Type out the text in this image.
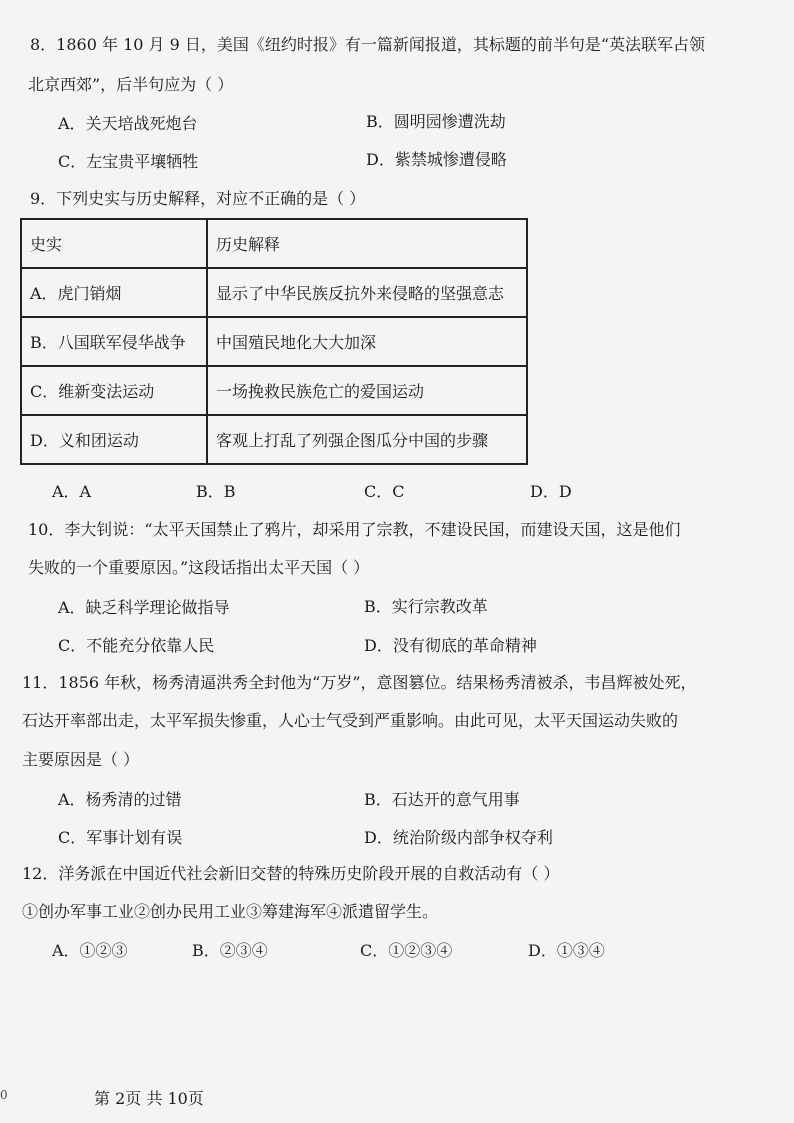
8．1860 年 10 月 9 日，美国《纽约时报》有一篇新闻报道，其标题的前半句是“英法联军占领
北京西郊”，后半句应为（ ）
A．关天培战死炮台	B．圆明园惨遭洗劫
C．左宝贵平壤牺牲	D．紫禁城惨遭侵略
9．下列史实与历史解释，对应不正确的是（ ）
史实	历史解释
A．虎门销烟	显示了中华民族反抗外来侵略的坚强意志
B．八国联军侵华战争	中国殖民地化大大加深
C．维新变法运动	一场挽救民族危亡的爱国运动
D．义和团运动	客观上打乱了列强企图瓜分中国的步骤
A．A	B．B	C．C	D．D
10．李大钊说：“太平天国禁止了鸦片，却采用了宗教，不建设民国，而建设天国，这是他们
失败的一个重要原因。”这段话指出太平天国（ ）
A．缺乏科学理论做指导	B．实行宗教改革
C．不能充分依靠人民	D．没有彻底的革命精神
11．1856 年秋，杨秀清逼洪秀全封他为“万岁”，意图篡位。结果杨秀清被杀，韦昌辉被处死，
石达开率部出走，太平军损失惨重，人心士气受到严重影响。由此可见，太平天国运动失败的
主要原因是（ ）
A．杨秀清的过错	B．石达开的意气用事
C．军事计划有误	D．统治阶级内部争权夺利
12．洋务派在中国近代社会新旧交替的特殊历史阶段开展的自救活动有（ ）
①创办军事工业②创办民用工业③筹建海军④派遣留学生。
A．①②③	B．②③④	C．①②③④	D．①③④
0	第 2页 共 10页
